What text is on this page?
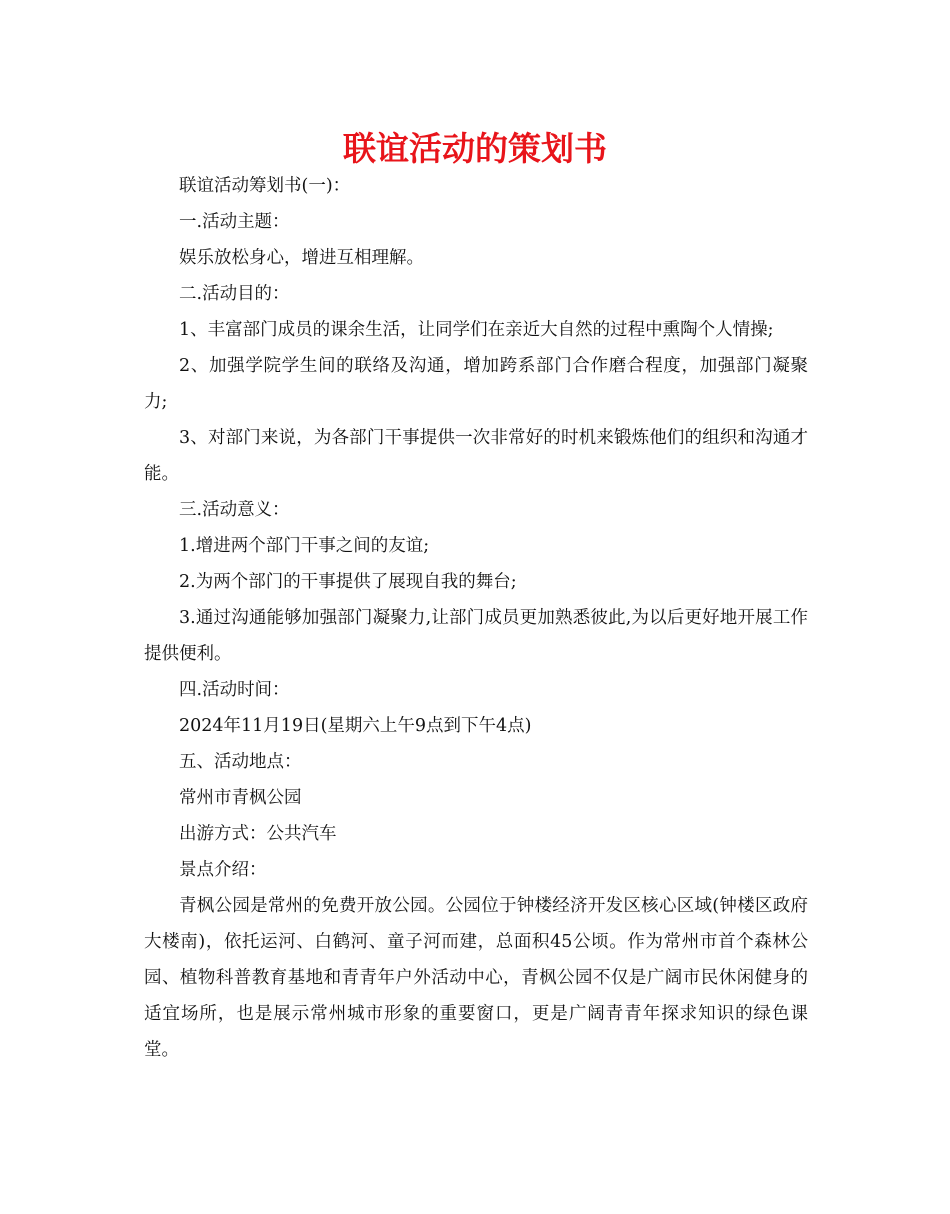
联谊活动的策划书

联谊活动筹划书(一)：

一.活动主题：

娱乐放松身心，增进互相理解。

二.活动目的：

1、丰富部门成员的课余生活，让同学们在亲近大自然的过程中熏陶个人情操;

2、加强学院学生间的联络及沟通，增加跨系部门合作磨合程度，加强部门凝聚力;

3、对部门来说，为各部门干事提供一次非常好的时机来锻炼他们的组织和沟通才能。

三.活动意义：

1.增进两个部门干事之间的友谊;

2.为两个部门的干事提供了展现自我的舞台;

3.通过沟通能够加强部门凝聚力,让部门成员更加熟悉彼此,为以后更好地开展工作提供便利。

四.活动时间：

2024年11月19日(星期六上午9点到下午4点)

五、活动地点：

常州市青枫公园

出游方式：公共汽车

景点介绍：

青枫公园是常州的免费开放公园。公园位于钟楼经济开发区核心区域(钟楼区政府大楼南)，依托运河、白鹤河、童子河而建，总面积45公顷。作为常州市首个森林公园、植物科普教育基地和青青年户外活动中心，青枫公园不仅是广阔市民休闲健身的适宜场所，也是展示常州城市形象的重要窗口，更是广阔青青年探求知识的绿色课堂。
